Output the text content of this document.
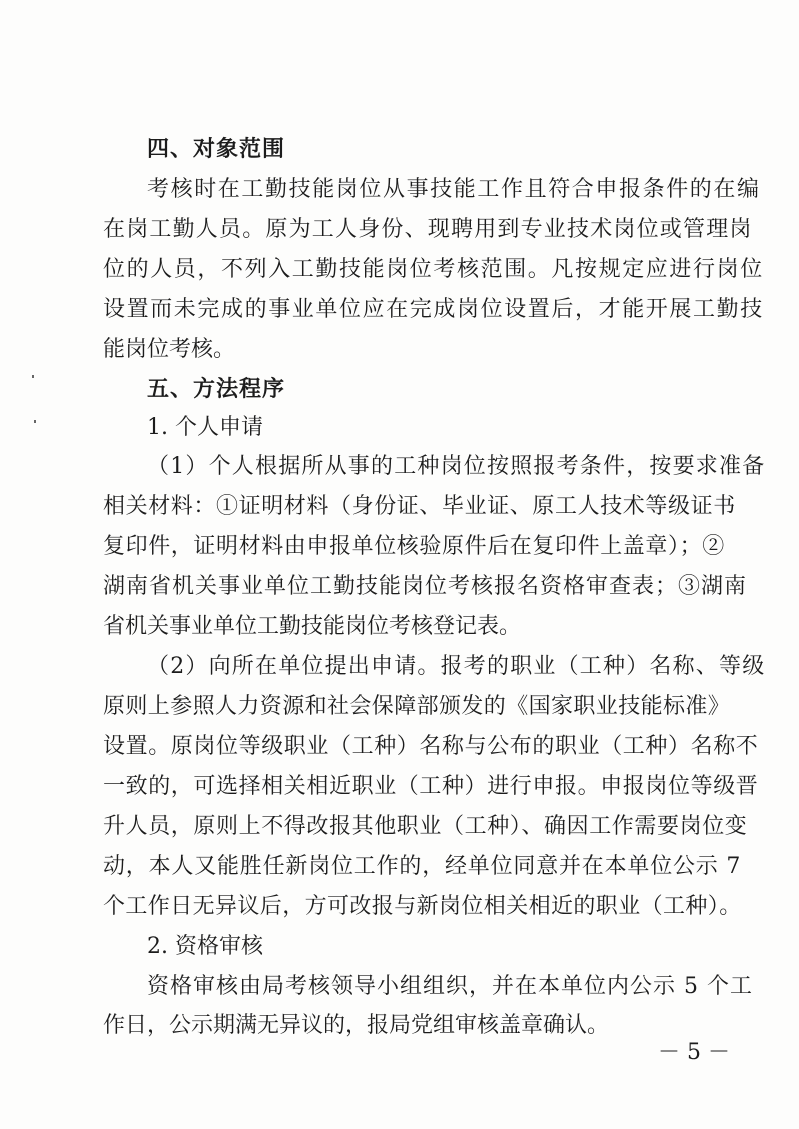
四、对象范围
考核时在工勤技能岗位从事技能工作且符合申报条件的在编
在岗工勤人员。原为工人身份、现聘用到专业技术岗位或管理岗
位的人员，不列入工勤技能岗位考核范围。凡按规定应进行岗位
设置而未完成的事业单位应在完成岗位设置后，才能开展工勤技
能岗位考核。
五、方法程序
1. 个人申请
（1）个人根据所从事的工种岗位按照报考条件，按要求准备
相关材料：①证明材料（身份证、毕业证、原工人技术等级证书
复印件，证明材料由申报单位核验原件后在复印件上盖章）；②
湖南省机关事业单位工勤技能岗位考核报名资格审查表；③湖南
省机关事业单位工勤技能岗位考核登记表。
（2）向所在单位提出申请。报考的职业（工种）名称、等级
原则上参照人力资源和社会保障部颁发的《国家职业技能标准》
设置。原岗位等级职业（工种）名称与公布的职业（工种）名称不
一致的，可选择相关相近职业（工种）进行申报。申报岗位等级晋
升人员，原则上不得改报其他职业（工种）、确因工作需要岗位变
动，本人又能胜任新岗位工作的，经单位同意并在本单位公示 7
个工作日无异议后，方可改报与新岗位相关相近的职业（工种）。
2. 资格审核
资格审核由局考核领导小组组织，并在本单位内公示 5 个工
作日，公示期满无异议的，报局党组审核盖章确认。
－ 5 －
